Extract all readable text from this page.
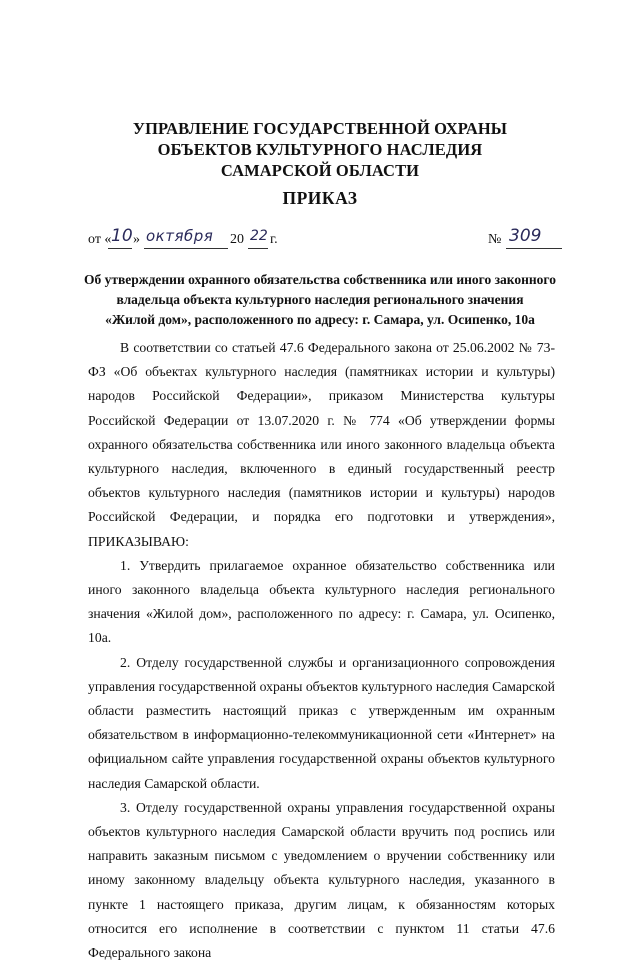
УПРАВЛЕНИЕ ГОСУДАРСТВЕННОЙ ОХРАНЫ
ОБЪЕКТОВ КУЛЬТУРНОГО НАСЛЕДИЯ
САМАРСКОЙ ОБЛАСТИ
ПРИКАЗ
от « 10 » октября 20 22 г.	№ 309
Об утверждении охранного обязательства собственника или иного законного
владельца объекта культурного наследия регионального значения
«Жилой дом», расположенного по адресу: г. Самара, ул. Осипенко, 10а

В соответствии со статьей 47.6 Федерального закона от 25.06.2002 № 73-ФЗ «Об объектах культурного наследия (памятниках истории и культуры) народов Российской Федерации», приказом Министерства культуры Российской Федерации от 13.07.2020 г. № 774 «Об утверждении формы охранного обязательства собственника или иного законного владельца объекта культурного наследия, включенного в единый государственный реестр объектов культурного наследия (памятников истории и культуры) народов Российской Федерации, и порядка его подготовки и утверждения», ПРИКАЗЫВАЮ:

1. Утвердить прилагаемое охранное обязательство собственника или иного законного владельца объекта культурного наследия регионального значения «Жилой дом», расположенного по адресу: г. Самара, ул. Осипенко, 10а.

2. Отделу государственной службы и организационного сопровождения управления государственной охраны объектов культурного наследия Самарской области разместить настоящий приказ с утвержденным им охранным обязательством в информационно-телекоммуникационной сети «Интернет» на официальном сайте управления государственной охраны объектов культурного наследия Самарской области.

3. Отделу государственной охраны управления государственной охраны объектов культурного наследия Самарской области вручить под роспись или направить заказным письмом с уведомлением о вручении собственнику или иному законному владельцу объекта культурного наследия, указанного в пункте 1 настоящего приказа, другим лицам, к обязанностям которых относится его исполнение в соответствии с пунктом 11 статьи 47.6 Федерального закона
